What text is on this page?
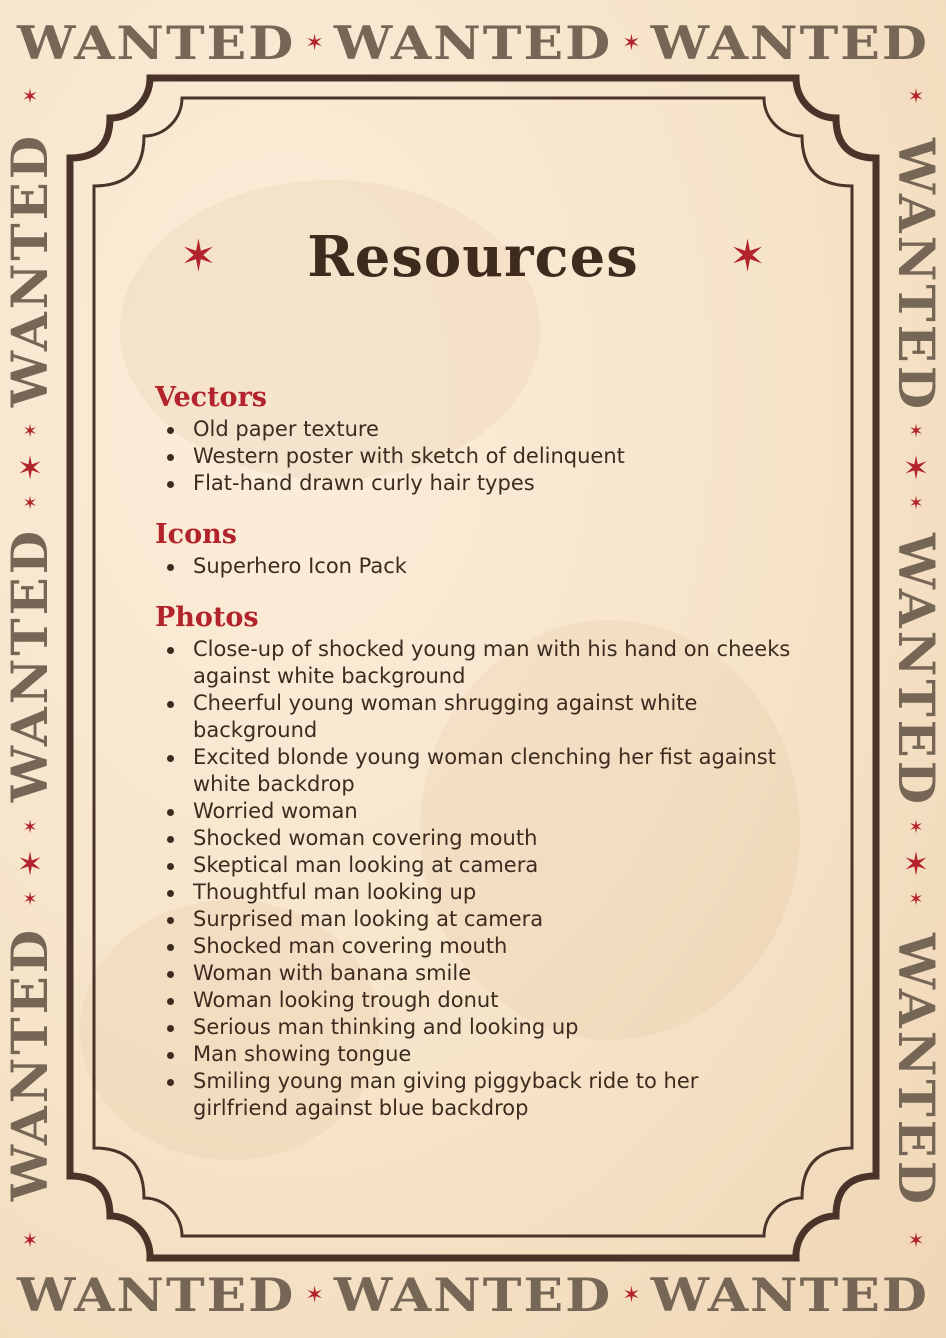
WANTED ✶ WANTED ✶ WANTED
WANTED ✶ WANTED ✶ WANTED
✶
WANTED
✶
✶
✶
WANTED
✶
✶
✶
WANTED
✶
✶
WANTED
✶
✶
✶
WANTED
✶
✶
✶
WANTED
✶
✶ Resources ✶
Vectors
Old paper texture
Western poster with sketch of delinquent
Flat-hand drawn curly hair types
Icons
Superhero Icon Pack
Photos
Close-up of shocked young man with his hand on cheeks against white background
Cheerful young woman shrugging against white background
Excited blonde young woman clenching her fist against white backdrop
Worried woman
Shocked woman covering mouth
Skeptical man looking at camera
Thoughtful man looking up
Surprised man looking at camera
Shocked man covering mouth
Woman with banana smile
Woman looking trough donut
Serious man thinking and looking up
Man showing tongue
Smiling young man giving piggyback ride to her girlfriend against blue backdrop
